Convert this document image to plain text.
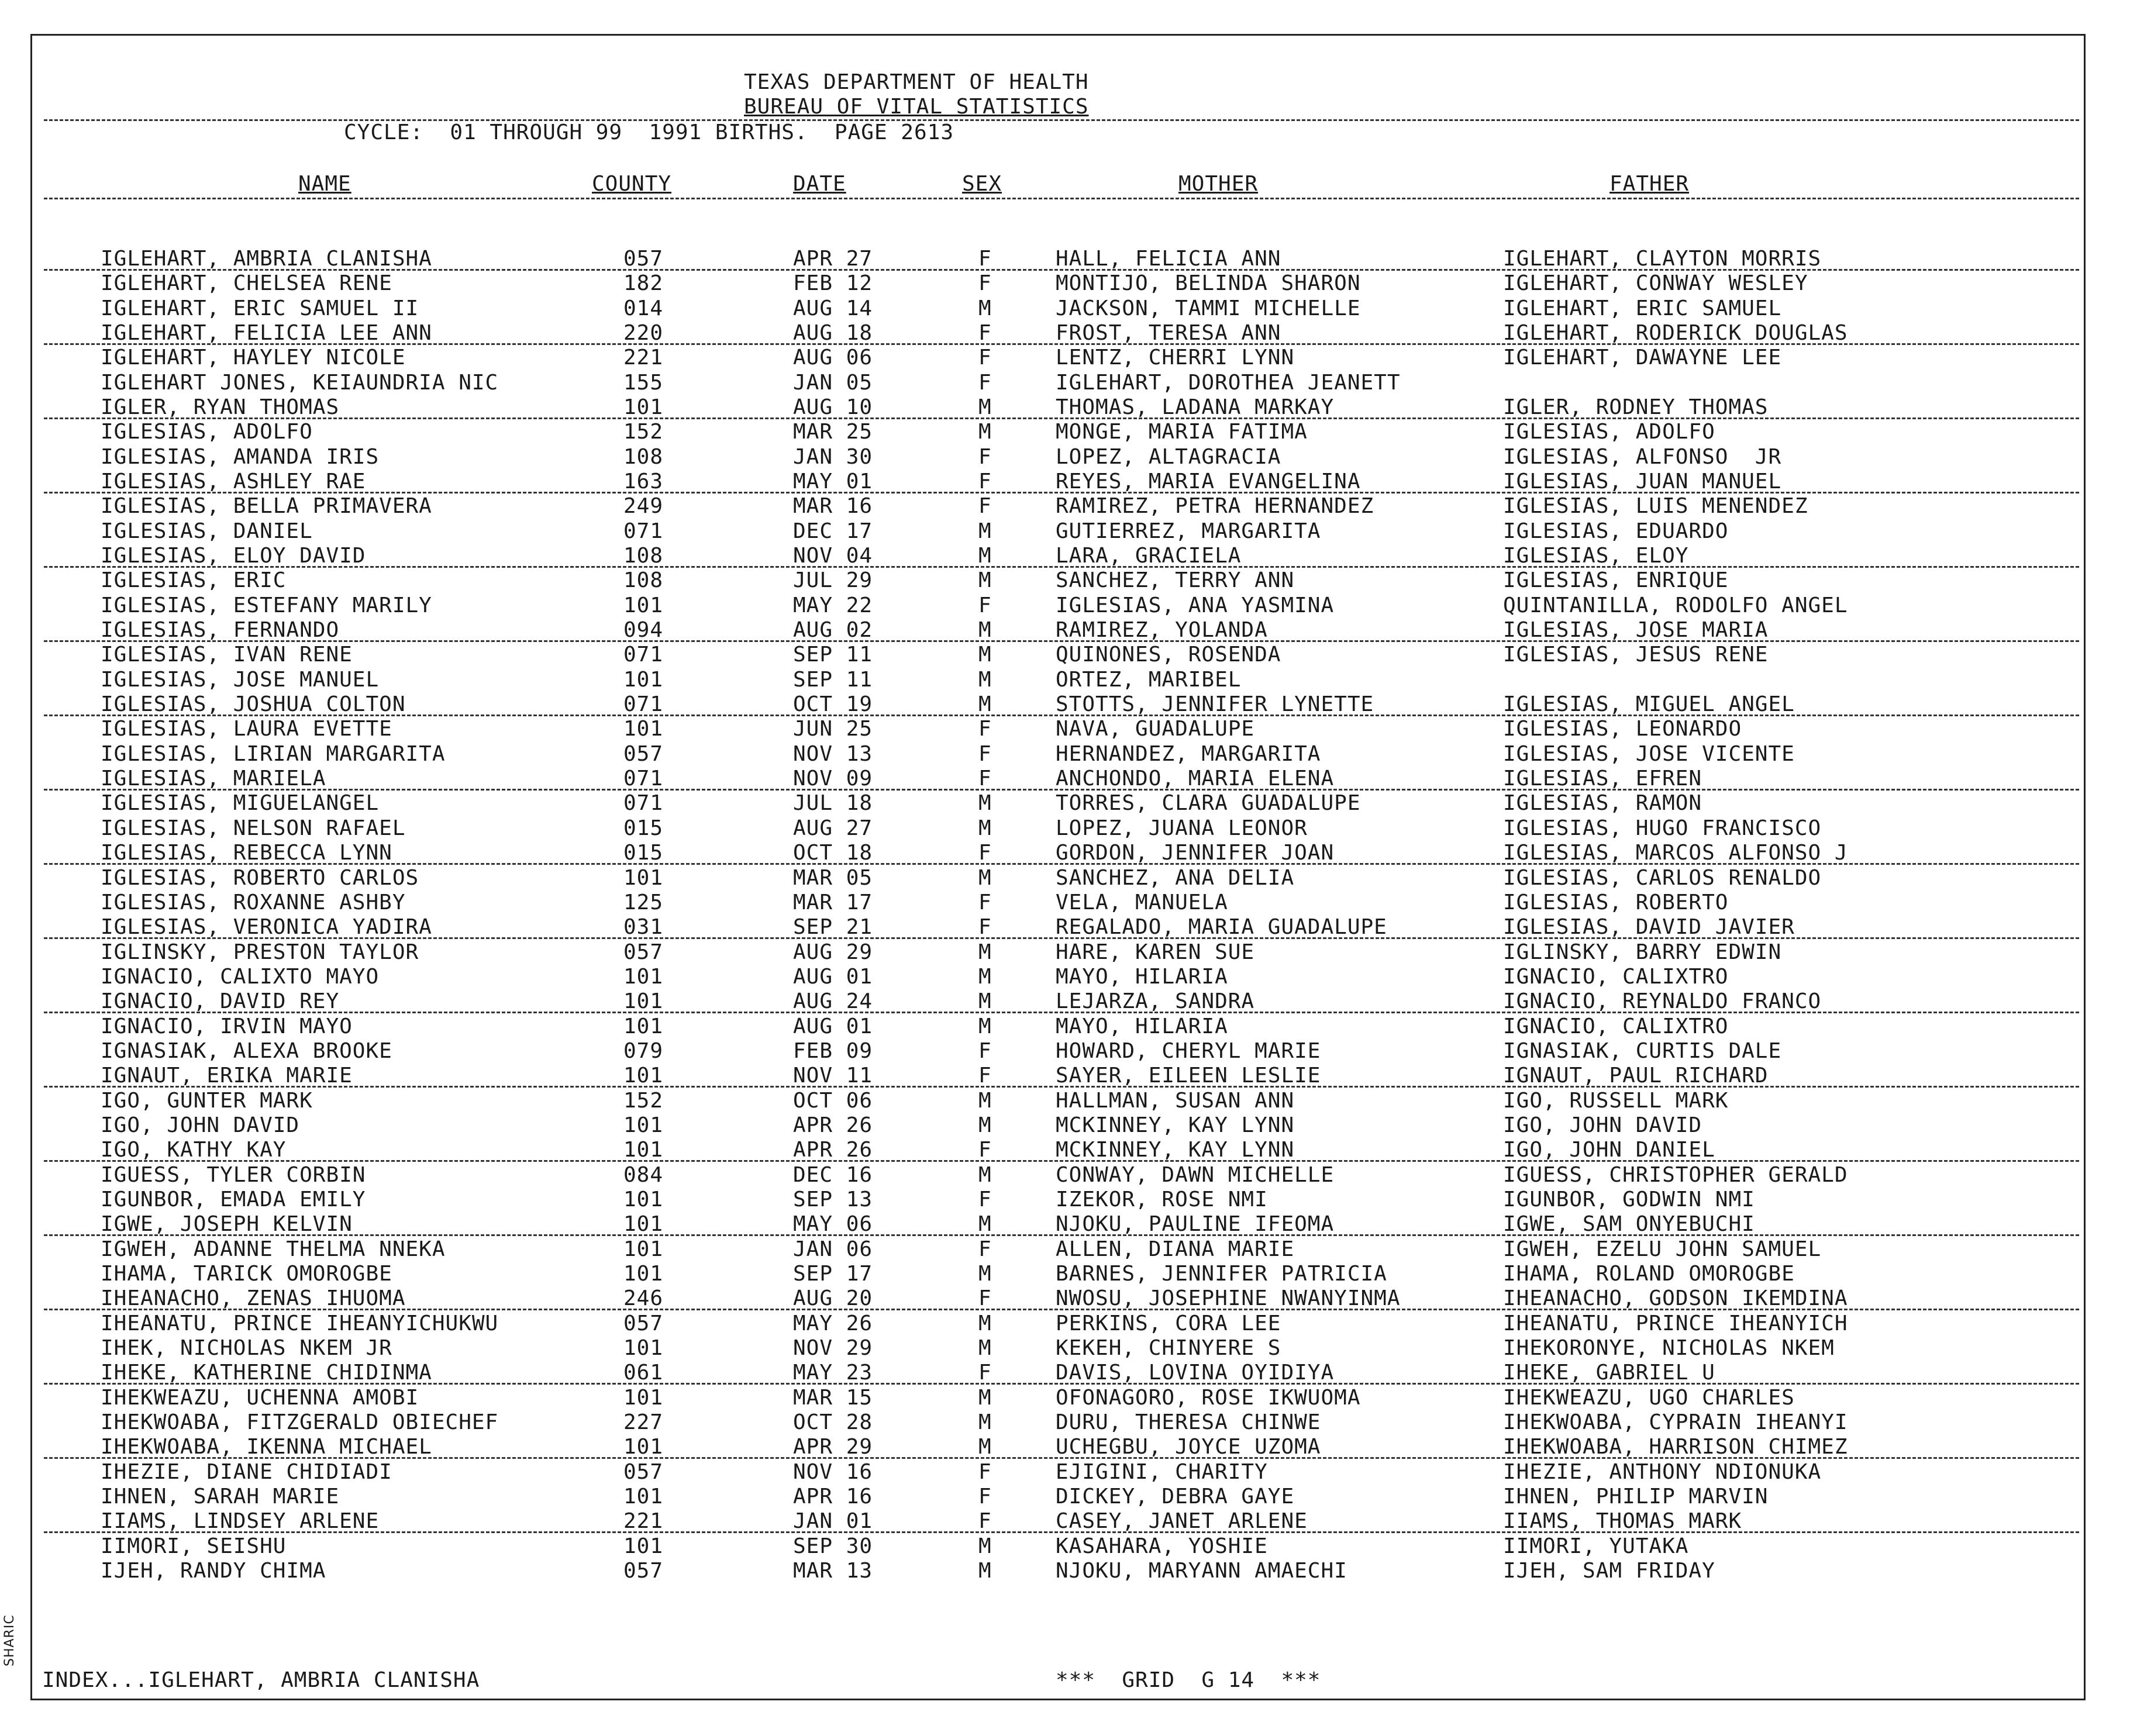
TEXAS DEPARTMENT OF HEALTH
BUREAU OF VITAL STATISTICS
CYCLE:  01 THROUGH 99  1991 BIRTHS.  PAGE 2613
NAME	COUNTY	DATE	SEX	MOTHER	FATHER
IGLEHART, AMBRIA CLANISHA	057	APR 27	F	HALL, FELICIA ANN	IGLEHART, CLAYTON MORRIS
IGLEHART, CHELSEA RENE	182	FEB 12	F	MONTIJO, BELINDA SHARON	IGLEHART, CONWAY WESLEY
IGLEHART, ERIC SAMUEL II	014	AUG 14	M	JACKSON, TAMMI MICHELLE	IGLEHART, ERIC SAMUEL
IGLEHART, FELICIA LEE ANN	220	AUG 18	F	FROST, TERESA ANN	IGLEHART, RODERICK DOUGLAS
IGLEHART, HAYLEY NICOLE	221	AUG 06	F	LENTZ, CHERRI LYNN	IGLEHART, DAWAYNE LEE
IGLEHART JONES, KEIAUNDRIA NIC	155	JAN 05	F	IGLEHART, DOROTHEA JEANETT
IGLER, RYAN THOMAS	101	AUG 10	M	THOMAS, LADANA MARKAY	IGLER, RODNEY THOMAS
IGLESIAS, ADOLFO	152	MAR 25	M	MONGE, MARIA FATIMA	IGLESIAS, ADOLFO
IGLESIAS, AMANDA IRIS	108	JAN 30	F	LOPEZ, ALTAGRACIA	IGLESIAS, ALFONSO  JR
IGLESIAS, ASHLEY RAE	163	MAY 01	F	REYES, MARIA EVANGELINA	IGLESIAS, JUAN MANUEL
IGLESIAS, BELLA PRIMAVERA	249	MAR 16	F	RAMIREZ, PETRA HERNANDEZ	IGLESIAS, LUIS MENENDEZ
IGLESIAS, DANIEL	071	DEC 17	M	GUTIERREZ, MARGARITA	IGLESIAS, EDUARDO
IGLESIAS, ELOY DAVID	108	NOV 04	M	LARA, GRACIELA	IGLESIAS, ELOY
IGLESIAS, ERIC	108	JUL 29	M	SANCHEZ, TERRY ANN	IGLESIAS, ENRIQUE
IGLESIAS, ESTEFANY MARILY	101	MAY 22	F	IGLESIAS, ANA YASMINA	QUINTANILLA, RODOLFO ANGEL
IGLESIAS, FERNANDO	094	AUG 02	M	RAMIREZ, YOLANDA	IGLESIAS, JOSE MARIA
IGLESIAS, IVAN RENE	071	SEP 11	M	QUINONES, ROSENDA	IGLESIAS, JESUS RENE
IGLESIAS, JOSE MANUEL	101	SEP 11	M	ORTEZ, MARIBEL
IGLESIAS, JOSHUA COLTON	071	OCT 19	M	STOTTS, JENNIFER LYNETTE	IGLESIAS, MIGUEL ANGEL
IGLESIAS, LAURA EVETTE	101	JUN 25	F	NAVA, GUADALUPE	IGLESIAS, LEONARDO
IGLESIAS, LIRIAN MARGARITA	057	NOV 13	F	HERNANDEZ, MARGARITA	IGLESIAS, JOSE VICENTE
IGLESIAS, MARIELA	071	NOV 09	F	ANCHONDO, MARIA ELENA	IGLESIAS, EFREN
IGLESIAS, MIGUELANGEL	071	JUL 18	M	TORRES, CLARA GUADALUPE	IGLESIAS, RAMON
IGLESIAS, NELSON RAFAEL	015	AUG 27	M	LOPEZ, JUANA LEONOR	IGLESIAS, HUGO FRANCISCO
IGLESIAS, REBECCA LYNN	015	OCT 18	F	GORDON, JENNIFER JOAN	IGLESIAS, MARCOS ALFONSO J
IGLESIAS, ROBERTO CARLOS	101	MAR 05	M	SANCHEZ, ANA DELIA	IGLESIAS, CARLOS RENALDO
IGLESIAS, ROXANNE ASHBY	125	MAR 17	F	VELA, MANUELA	IGLESIAS, ROBERTO
IGLESIAS, VERONICA YADIRA	031	SEP 21	F	REGALADO, MARIA GUADALUPE	IGLESIAS, DAVID JAVIER
IGLINSKY, PRESTON TAYLOR	057	AUG 29	M	HARE, KAREN SUE	IGLINSKY, BARRY EDWIN
IGNACIO, CALIXTO MAYO	101	AUG 01	M	MAYO, HILARIA	IGNACIO, CALIXTRO
IGNACIO, DAVID REY	101	AUG 24	M	LEJARZA, SANDRA	IGNACIO, REYNALDO FRANCO
IGNACIO, IRVIN MAYO	101	AUG 01	M	MAYO, HILARIA	IGNACIO, CALIXTRO
IGNASIAK, ALEXA BROOKE	079	FEB 09	F	HOWARD, CHERYL MARIE	IGNASIAK, CURTIS DALE
IGNAUT, ERIKA MARIE	101	NOV 11	F	SAYER, EILEEN LESLIE	IGNAUT, PAUL RICHARD
IGO, GUNTER MARK	152	OCT 06	M	HALLMAN, SUSAN ANN	IGO, RUSSELL MARK
IGO, JOHN DAVID	101	APR 26	M	MCKINNEY, KAY LYNN	IGO, JOHN DAVID
IGO, KATHY KAY	101	APR 26	F	MCKINNEY, KAY LYNN	IGO, JOHN DANIEL
IGUESS, TYLER CORBIN	084	DEC 16	M	CONWAY, DAWN MICHELLE	IGUESS, CHRISTOPHER GERALD
IGUNBOR, EMADA EMILY	101	SEP 13	F	IZEKOR, ROSE NMI	IGUNBOR, GODWIN NMI
IGWE, JOSEPH KELVIN	101	MAY 06	M	NJOKU, PAULINE IFEOMA	IGWE, SAM ONYEBUCHI
IGWEH, ADANNE THELMA NNEKA	101	JAN 06	F	ALLEN, DIANA MARIE	IGWEH, EZELU JOHN SAMUEL
IHAMA, TARICK OMOROGBE	101	SEP 17	M	BARNES, JENNIFER PATRICIA	IHAMA, ROLAND OMOROGBE
IHEANACHO, ZENAS IHUOMA	246	AUG 20	F	NWOSU, JOSEPHINE NWANYINMA	IHEANACHO, GODSON IKEMDINA
IHEANATU, PRINCE IHEANYICHUKWU	057	MAY 26	M	PERKINS, CORA LEE	IHEANATU, PRINCE IHEANYICH
IHEK, NICHOLAS NKEM JR	101	NOV 29	M	KEKEH, CHINYERE S	IHEKORONYE, NICHOLAS NKEM
IHEKE, KATHERINE CHIDINMA	061	MAY 23	F	DAVIS, LOVINA OYIDIYA	IHEKE, GABRIEL U
IHEKWEAZU, UCHENNA AMOBI	101	MAR 15	M	OFONAGORO, ROSE IKWUOMA	IHEKWEAZU, UGO CHARLES
IHEKWOABA, FITZGERALD OBIECHEF	227	OCT 28	M	DURU, THERESA CHINWE	IHEKWOABA, CYPRAIN IHEANYI
IHEKWOABA, IKENNA MICHAEL	101	APR 29	M	UCHEGBU, JOYCE UZOMA	IHEKWOABA, HARRISON CHIMEZ
IHEZIE, DIANE CHIDIADI	057	NOV 16	F	EJIGINI, CHARITY	IHEZIE, ANTHONY NDIONUKA
IHNEN, SARAH MARIE	101	APR 16	F	DICKEY, DEBRA GAYE	IHNEN, PHILIP MARVIN
IIAMS, LINDSEY ARLENE	221	JAN 01	F	CASEY, JANET ARLENE	IIAMS, THOMAS MARK
IIMORI, SEISHU	101	SEP 30	M	KASAHARA, YOSHIE	IIMORI, YUTAKA
IJEH, RANDY CHIMA	057	MAR 13	M	NJOKU, MARYANN AMAECHI	IJEH, SAM FRIDAY
INDEX...IGLEHART, AMBRIA CLANISHA	***  GRID  G 14  ***
SHARIC
